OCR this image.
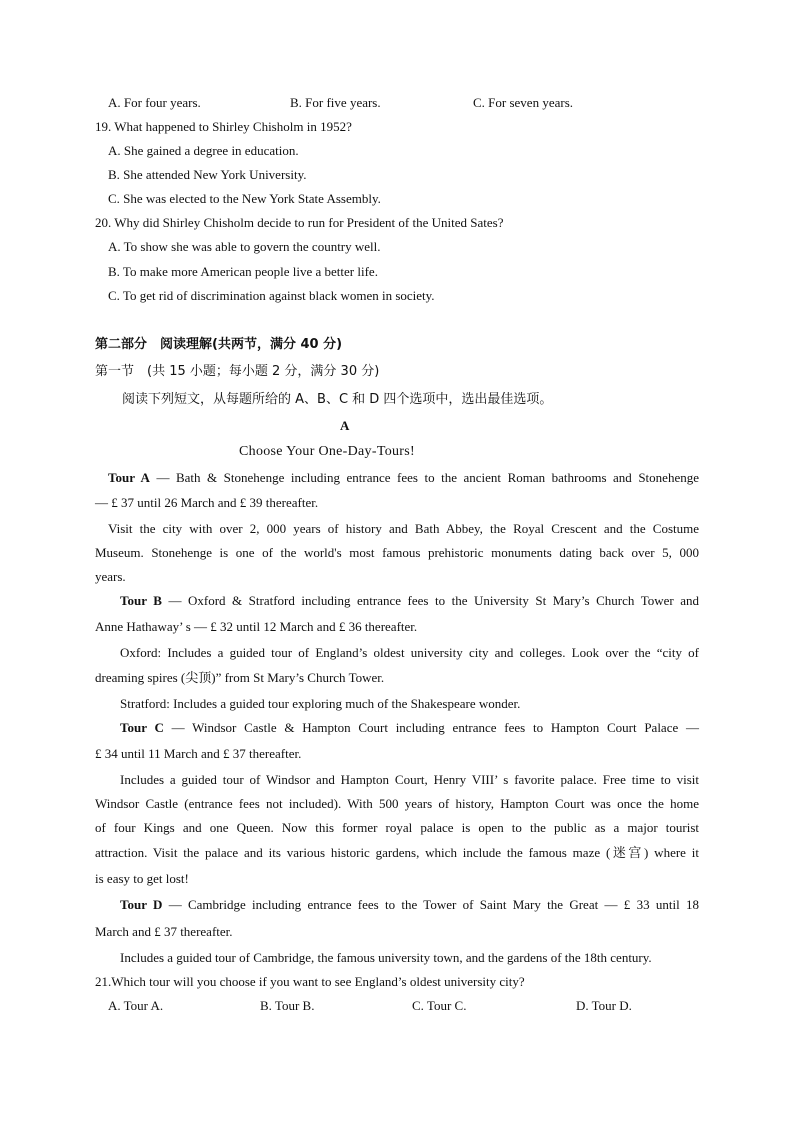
A. For four years.	B. For five years.	C. For seven years.
19. What happened to Shirley Chisholm in 1952?
A. She gained a degree in education.
B. She attended New York University.
C. She was elected to the New York State Assembly.
20. Why did Shirley Chisholm decide to run for President of the United Sates?
A. To show she was able to govern the country well.
B. To make more American people live a better life.
C. To get rid of discrimination against black women in society.
第二部分　阅读理解(共两节，满分 40 分)
第一节　(共 15 小题；每小题 2 分，满分 30 分)
阅读下列短文，从每题所给的 A、B、C 和 D 四个选项中，选出最佳选项。
A
Choose Your One-Day-Tours!
Tour A — Bath & Stonehenge including entrance fees to the ancient Roman bathrooms and Stonehenge
— £ 37 until 26 March and £ 39 thereafter.
Visit the city with over 2, 000 years of history and Bath Abbey, the Royal Crescent and the Costume
Museum. Stonehenge is one of the world's most famous prehistoric monuments dating back over 5, 000
years.
Tour B — Oxford & Stratford including entrance fees to the University St Mary’s Church Tower and
Anne Hathaway’ s — £ 32 until 12 March and £ 36 thereafter.
Oxford: Includes a guided tour of England’s oldest university city and colleges. Look over the “city of
dreaming spires (尖顶)” from St Mary’s Church Tower.
Stratford: Includes a guided tour exploring much of the Shakespeare wonder.
Tour C — Windsor Castle & Hampton Court including entrance fees to Hampton Court Palace —
£ 34 until 11 March and £ 37 thereafter.
Includes a guided tour of Windsor and Hampton Court, Henry VIII’ s favorite palace. Free time to visit
Windsor Castle (entrance fees not included). With 500 years of history, Hampton Court was once the home
of four Kings and one Queen. Now this former royal palace is open to the public as a major tourist
attraction. Visit the palace and its various historic gardens, which include the famous maze (迷宫) where it
is easy to get lost!
Tour D — Cambridge including entrance fees to the Tower of Saint Mary the Great — £ 33 until 18
March and £ 37 thereafter.
Includes a guided tour of Cambridge, the famous university town, and the gardens of the 18th century.
21.Which tour will you choose if you want to see England’s oldest university city?
A. Tour A.	B. Tour B.	C. Tour C.	D. Tour D.
